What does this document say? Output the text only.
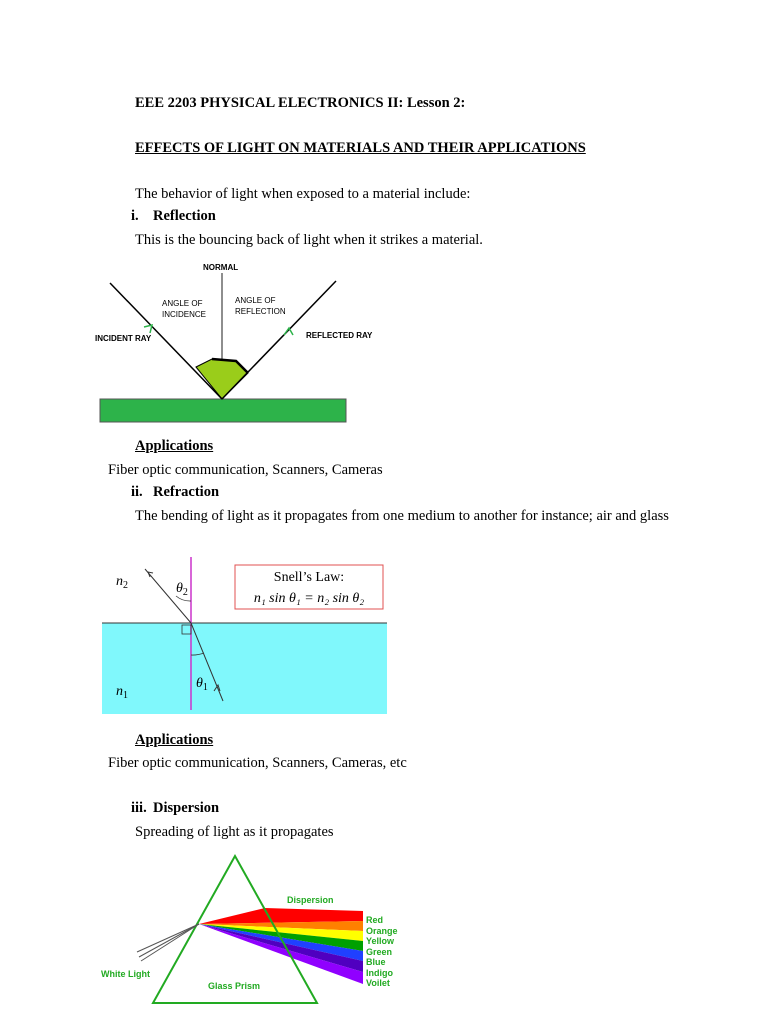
EEE 2203 PHYSICAL ELECTRONICS II: Lesson 2:
EFFECTS OF LIGHT ON MATERIALS AND THEIR APPLICATIONS
The behavior of light when exposed to a material include:
i. Reflection
This is the bouncing back of light when it strikes a material.
NORMAL
ANGLE OF
INCIDENCE
ANGLE OF
REFLECTION
INCIDENT RAY	REFLECTED RAY
Applications
Fiber optic communication, Scanners, Cameras
ii. Refraction
The bending of light as it propagates from one medium to another for instance; air and glass
$n_2$	$\theta_2$
$n_1$
$\theta_1$
Snell’s Law:
n₁ sin θ₁ = n₂ sin θ₂
Applications
Fiber optic communication, Scanners, Cameras, etc
iii. Dispersion
Spreading of light as it propagates
Dispersion
White Light
Glass Prism
Red
Orange
Yellow
Green
Blue
Indigo
Voilet
